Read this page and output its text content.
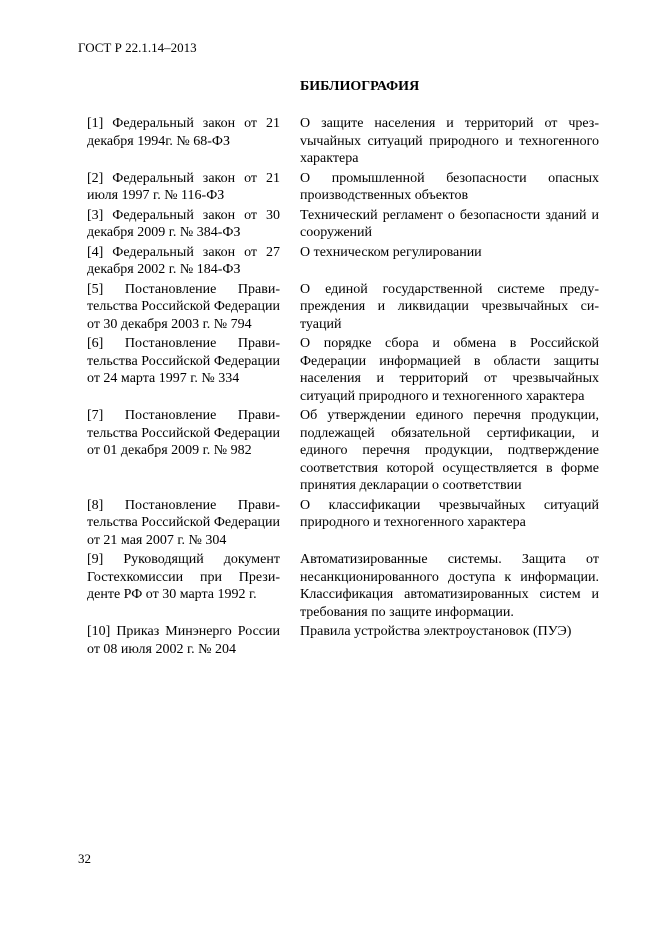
ГОСТ Р 22.1.14–2013
БИБЛИОГРАФИЯ
[1] Федеральный закон от 21 декабря 1994г. № 68-ФЗ
О защите населения и территорий от чрезvычайных ситуаций природного и техногенного характера
[2] Федеральный закон от 21 июля 1997 г. № 116-ФЗ
О промышленной безопасности опасных производственных объектов
[3] Федеральный закон от 30 декабря 2009 г. № 384-ФЗ
Технический регламент о безопасности зданий и сооружений
[4] Федеральный закон от 27 декабря 2002 г. № 184-ФЗ
О техническом регулировании
[5] Постановление Правительства Российской Федерации от 30 декабря 2003 г. № 794
О единой государственной системе предупреждения и ликвидации чрезвычайных ситуаций
[6] Постановление Правительства Российской Федерации от 24 марта 1997 г. № 334
О порядке сбора и обмена в Российской Федерации информацией в области защиты населения и территорий от чрезвычайных ситуаций природного и техногенного характера
[7] Постановление Правительства Российской Федерации от 01 декабря 2009 г. № 982
Об утверждении единого перечня продукции, подлежащей обязательной сертификации, и единого перечня продукции, подтверждение соответствия которой осуществляется в форме принятия декларации о соответствии
[8] Постановление Правительства Российской Федерации от 21 мая 2007 г. № 304
О классификации чрезвычайных ситуаций природного и техногенного характера
[9] Руководящий документ Гостехкомиссии при Президенте РФ от 30 марта 1992 г.
Автоматизированные системы. Защита от несанкционированного доступа к информации. Классификация автоматизированных систем и требования по защите информации.
[10] Приказ Минэнерго России от 08 июля 2002 г. № 204
Правила устройства электроустановок (ПУЭ)
32
